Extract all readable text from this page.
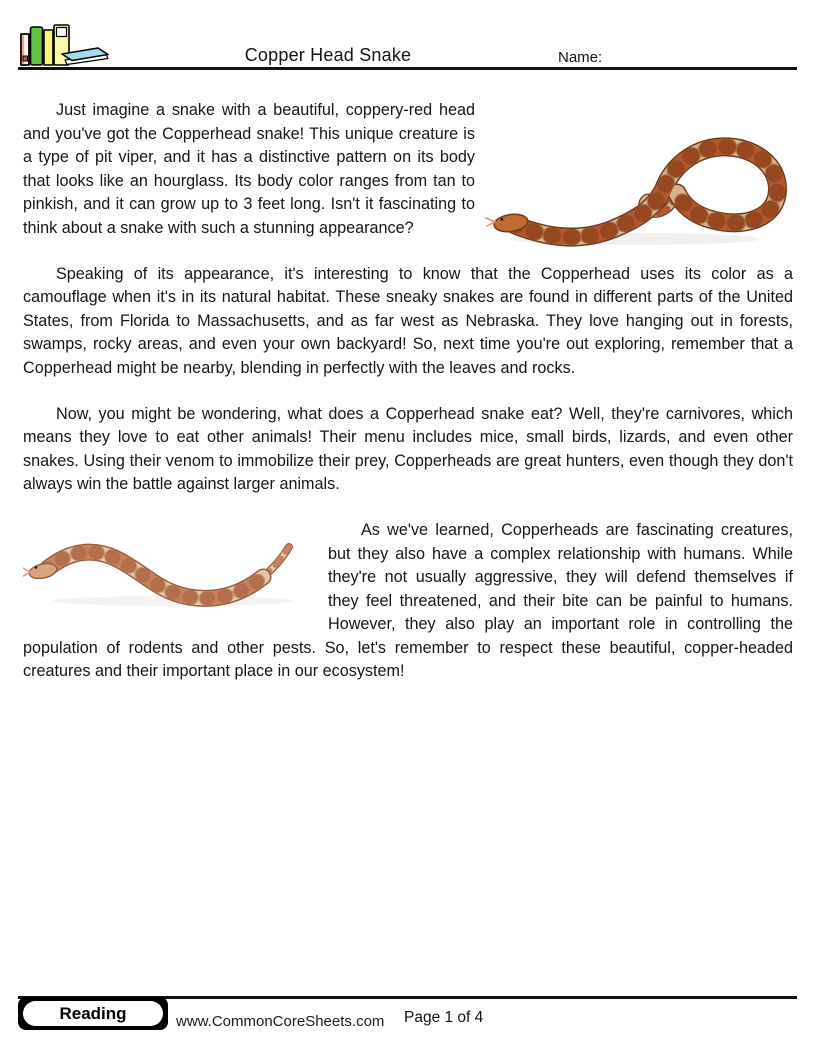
Copper Head Snake	Name:

Just imagine a snake with a beautiful, coppery-red head and you've got the Copperhead snake! This unique creature is a type of pit viper, and it has a distinctive pattern on its body that looks like an hourglass. Its body color ranges from tan to pinkish, and it can grow up to 3 feet long. Isn't it fascinating to think about a snake with such a stunning appearance?

Speaking of its appearance, it's interesting to know that the Copperhead uses its color as a camouflage when it's in its natural habitat. These sneaky snakes are found in different parts of the United States, from Florida to Massachusetts, and as far west as Nebraska. They love hanging out in forests, swamps, rocky areas, and even your own backyard! So, next time you're out exploring, remember that a Copperhead might be nearby, blending in perfectly with the leaves and rocks.

Now, you might be wondering, what does a Copperhead snake eat? Well, they're carnivores, which means they love to eat other animals! Their menu includes mice, small birds, lizards, and even other snakes. Using their venom to immobilize their prey, Copperheads are great hunters, even though they don't always win the battle against larger animals.

As we've learned, Copperheads are fascinating creatures, but they also have a complex relationship with humans. While they're not usually aggressive, they will defend themselves if they feel threatened, and their bite can be painful to humans. However, they also play an important role in controlling the population of rodents and other pests. So, let's remember to respect these beautiful, copper-headed creatures and their important place in our ecosystem!

Reading	www.CommonCoreSheets.com Page 1 of 4
